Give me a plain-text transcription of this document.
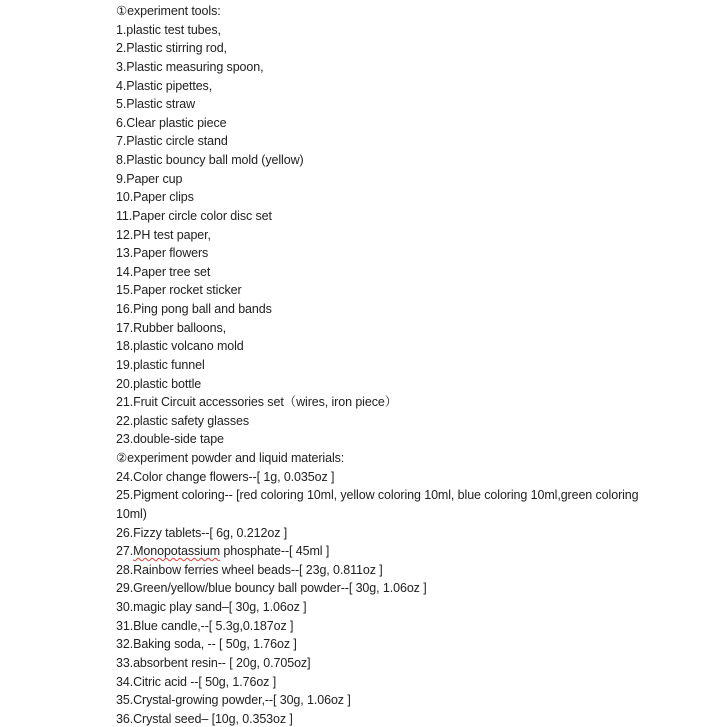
①experiment tools:
1.plastic test tubes,
2.Plastic stirring rod,
3.Plastic measuring spoon,
4.Plastic pipettes,
5.Plastic straw
6.Clear plastic piece
7.Plastic circle stand
8.Plastic bouncy ball mold (yellow)
9.Paper cup
10.Paper clips
11.Paper circle color disc set
12.PH test paper,
13.Paper flowers
14.Paper tree set
15.Paper rocket sticker
16.Ping pong ball and bands
17.Rubber balloons,
18.plastic volcano mold
19.plastic funnel
20.plastic bottle
21.Fruit Circuit accessories set（wires, iron piece）
22.plastic safety glasses
23.double-side tape
②experiment powder and liquid materials:
24.Color change flowers--[ 1g, 0.035oz ]
25.Pigment coloring-- [red coloring 10ml, yellow coloring 10ml, blue coloring 10ml,green coloring
10ml)
26.Fizzy tablets--[ 6g, 0.212oz ]
27.Monopotassium phosphate--[ 45ml ]
28.Rainbow ferries wheel beads--[ 23g, 0.811oz ]
29.Green/yellow/blue bouncy ball powder--[ 30g, 1.06oz ]
30.magic play sand–[ 30g, 1.06oz ]
31.Blue candle,--[ 5.3g,0.187oz ]
32.Baking soda, -- [ 50g, 1.76oz ]
33.absorbent resin-- [ 20g, 0.705oz]
34.Citric acid --[ 50g, 1.76oz ]
35.Crystal-growing powder,--[ 30g, 1.06oz ]
36.Crystal seed– [10g, 0.353oz ]
